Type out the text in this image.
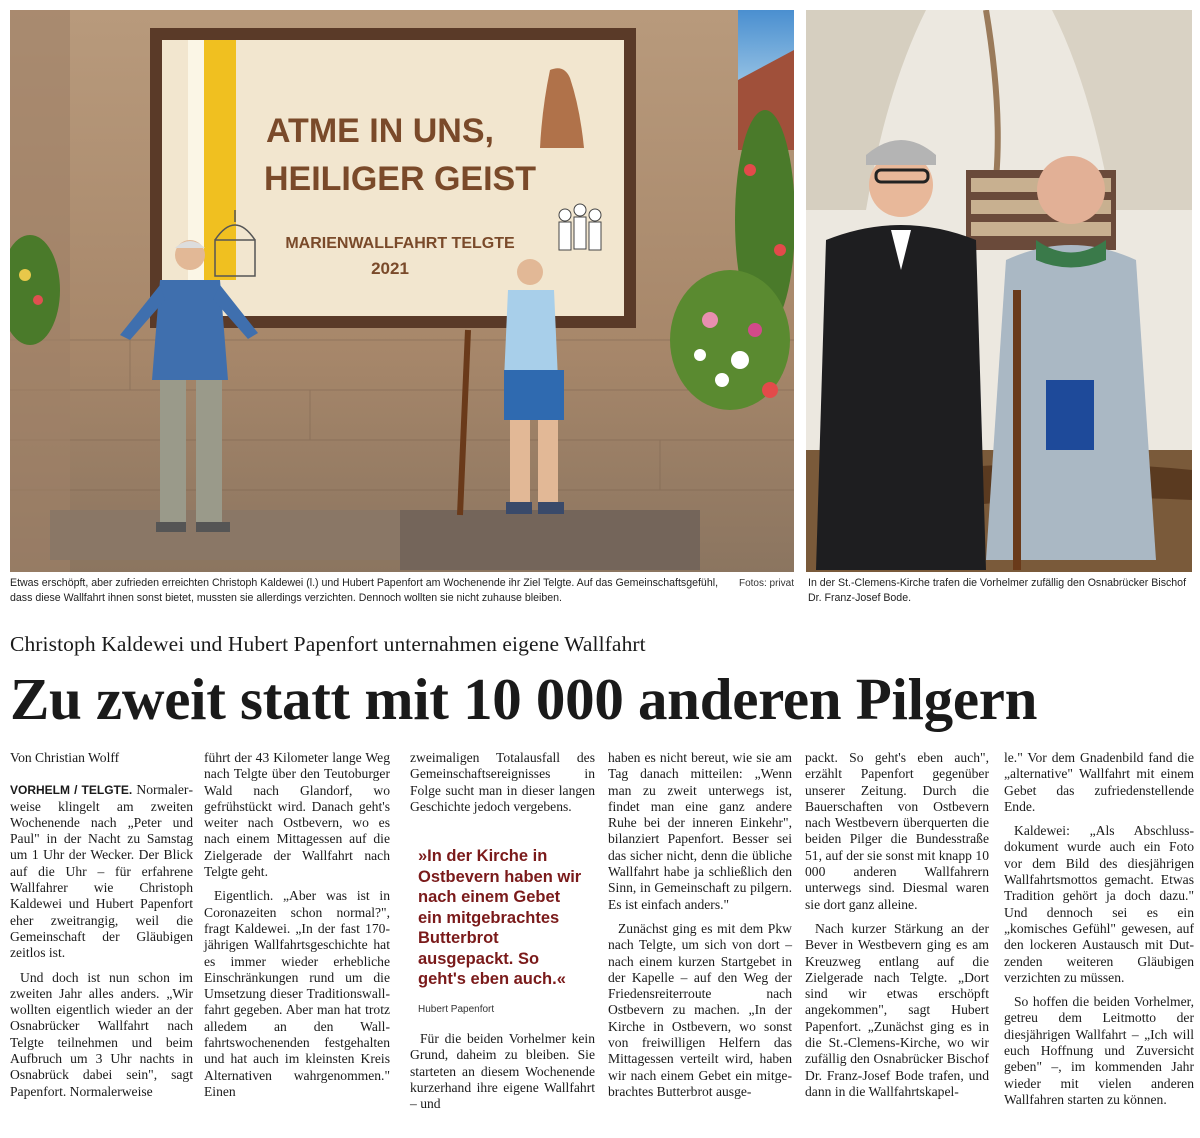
ATME IN UNS,
HEILIGER GEIST
MARIENWALLFAHRT TELGTE
2021
Fotos: privat
Etwas erschöpft, aber zufrieden erreichten Christoph Kaldewei (l.) und Hubert Papenfort am Wochenende ihr Ziel Telgte. Auf das Gemeinschaftsgefühl, dass diese Wallfahrt ihnen sonst bietet, mussten sie allerdings verzichten. Dennoch wollten sie nicht zuhause bleiben.
In der St.-Clemens-Kirche trafen die Vorhelmer zufällig den Osnabrücker Bischof Dr. Franz-Josef Bode.
Christoph Kaldewei und Hubert Papenfort unternahmen eigene Wallfahrt
Zu zweit statt mit 10 000 anderen Pilgern
Von Christian Wolff

VORHELM / TELGTE. Normalerweise klingelt am zweiten Wochenende nach „Peter und Paul" in der Nacht zu Samstag um 1 Uhr der Wecker. Der Blick auf die Uhr – für erfahrene Wallfahrer wie Christoph Kaldewei und Hubert Papenfort eher zweitrangig, weil die Gemeinschaft der Gläubigen zeitlos ist.

Und doch ist nun schon im zweiten Jahr alles anders. „Wir wollten eigentlich wieder an der Osnabrücker Wallfahrt nach Telgte teilnehmen und beim Aufbruch um 3 Uhr nachts in Osnabrück dabei sein", sagt Papenfort. Normalerweise

führt der 43 Kilometer lange Weg nach Telgte über den Teutoburger Wald nach Glandorf, wo gefrühstückt wird. Danach geht's weiter nach Ostbevern, wo es nach einem Mittagessen auf die Zielgerade der Wallfahrt nach Telgte geht.

Eigentlich. „Aber was ist in Coronazeiten schon normal?", fragt Kaldewei. „In der fast 170-jährigen Wallfahrtsgeschichte hat es immer wieder erhebliche Einschränkungen rund um die Umsetzung dieser Traditionswallfahrt gegeben. Aber man hat trotz alledem an den Wallfahrtswochenenden festgehalten und hat auch im kleinsten Kreis Alternativen wahrgenommen." Einen

zweimaligen Totalausfall des Gemeinschaftsereignisses in Folge sucht man in dieser langen Geschichte jedoch vergebens.

Für die beiden Vorhelmer kein Grund, daheim zu bleiben. Sie starteten an diesem Wochenende kurzerhand ihre eigene Wallfahrt – und

»In der Kirche in Ostbevern haben wir nach einem Gebet ein mitgebrachtes Butterbrot ausgepackt. So geht's eben auch.«
Hubert Papenfort

haben es nicht bereut, wie sie am Tag danach mitteilen: „Wenn man zu zweit unterwegs ist, findet man eine ganz andere Ruhe bei der inneren Einkehr", bilanziert Papenfort. Besser sei das sicher nicht, denn die übliche Wallfahrt habe ja schließlich den Sinn, in Gemeinschaft zu pilgern. Es ist einfach anders."

Zunächst ging es mit dem Pkw nach Telgte, um sich von dort – nach einem kurzen Startgebet in der Kapelle – auf den Weg der Friedensreiterroute nach Ostbevern zu machen. „In der Kirche in Ostbevern, wo sonst von freiwilligen Helfern das Mittagessen verteilt wird, haben wir nach einem Gebet ein mitgebrachtes Butterbrot ausge-

packt. So geht's eben auch", erzählt Papenfort gegenüber unserer Zeitung. Durch die Bauerschaften von Ostbevern nach Westbevern überquerten die beiden Pilger die Bundesstraße 51, auf der sie sonst mit knapp 10 000 anderen Wallfahrern unterwegs sind. Diesmal waren sie dort ganz alleine.

Nach kurzer Stärkung an der Bever in Westbevern ging es am Kreuzweg entlang auf die Zielgerade nach Telgte. „Dort sind wir etwas erschöpft angekommen", sagt Hubert Papenfort. „Zunächst ging es in die St.-Clemens-Kirche, wo wir zufällig den Osnabrücker Bischof Dr. Franz-Josef Bode trafen, und dann in die Wallfahrtskapel-

le." Vor dem Gnadenbild fand die „alternative" Wallfahrt mit einem Gebet das zufriedenstellende Ende.

Kaldewei: „Als Abschlussdokument wurde auch ein Foto vor dem Bild des diesjährigen Wallfahrtsmottos gemacht. Etwas Tradition gehört ja doch dazu." Und dennoch sei es ein „komisches Gefühl" gewesen, auf den lockeren Austausch mit Dutzenden weiteren Gläubigen verzichten zu müssen.

So hoffen die beiden Vorhelmer, getreu dem Leitmotto der diesjährigen Wallfahrt – „Ich will euch Hoffnung und Zuversicht geben" –, im kommenden Jahr wieder mit vielen anderen Wallfahren starten zu können.
